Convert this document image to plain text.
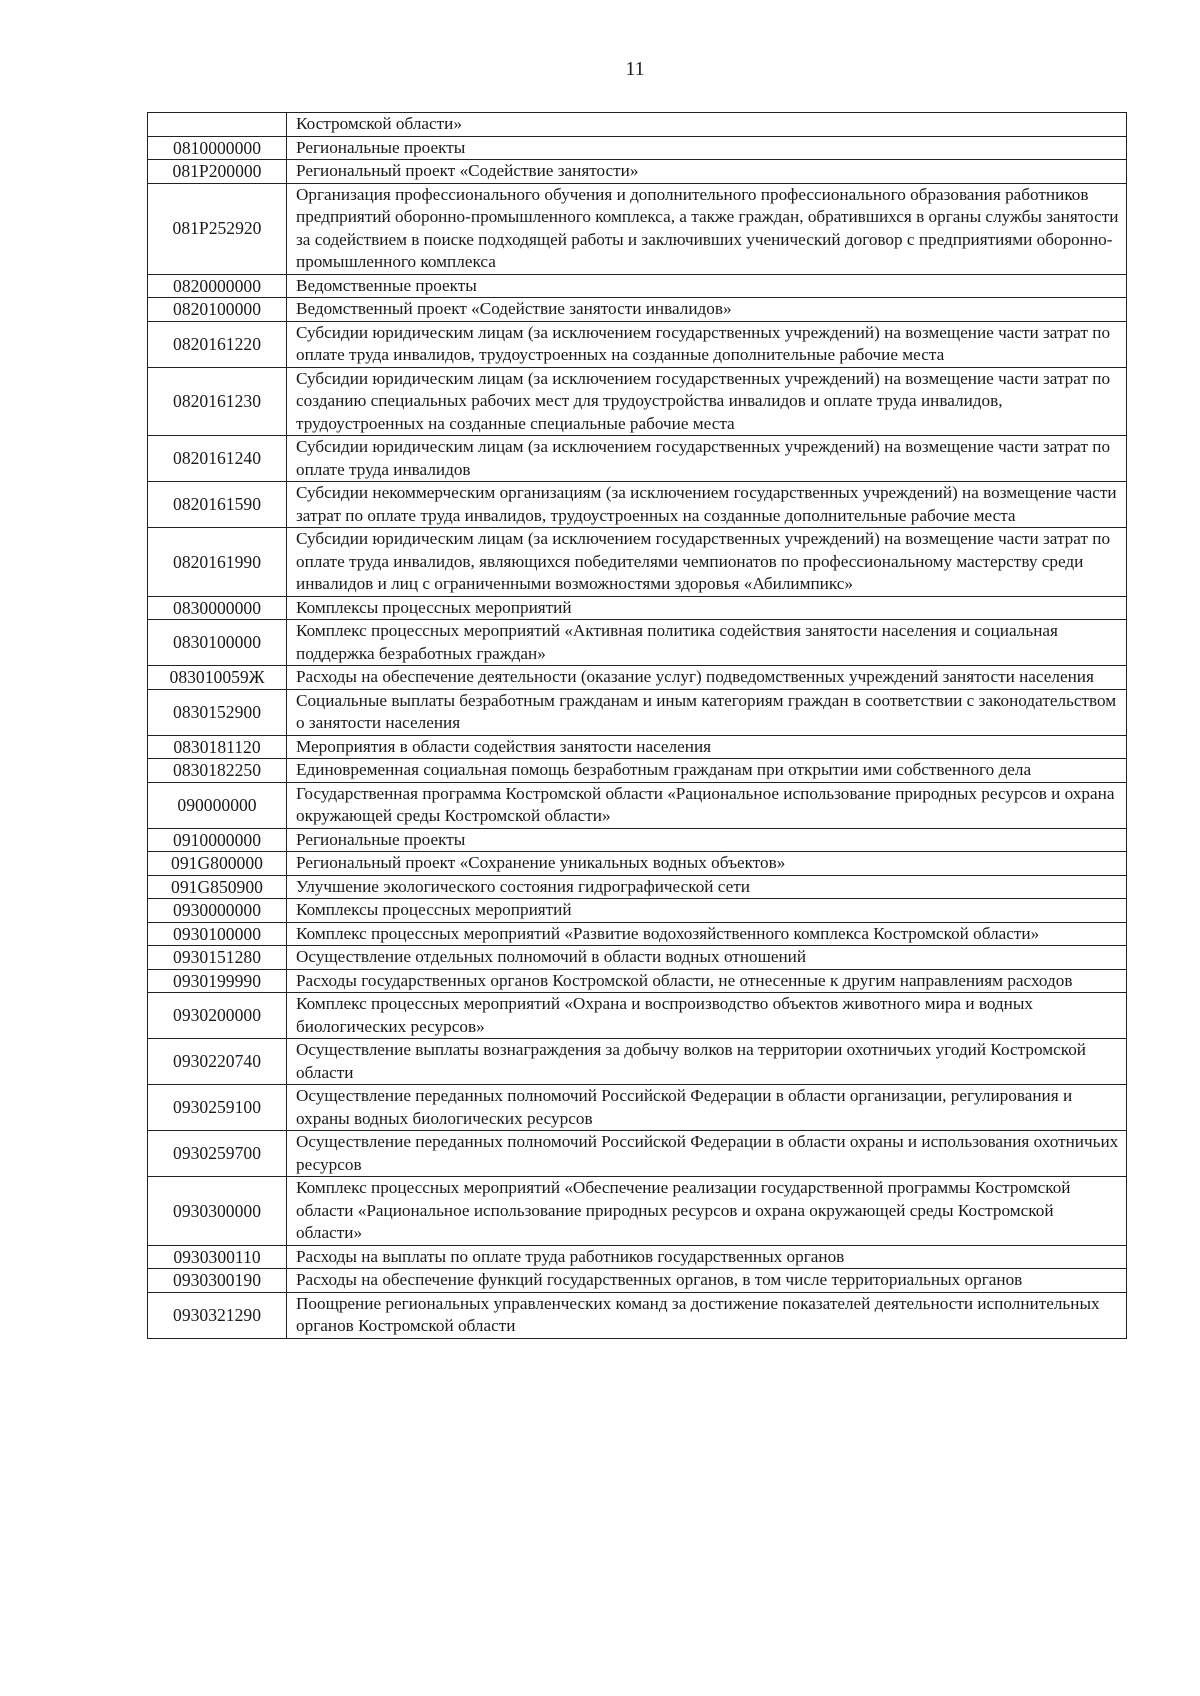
11
	Костромской области»
0810000000	Региональные проекты
081P200000	Региональный проект «Содействие занятости»
081P252920	Организация профессионального обучения и дополнительного профессионального образования работников предприятий оборонно-промышленного комплекса, а также граждан, обратившихся в органы службы занятости за содействием в поиске подходящей работы и заключивших ученический договор с предприятиями оборонно-промышленного комплекса
0820000000	Ведомственные проекты
0820100000	Ведомственный проект «Содействие занятости инвалидов»
0820161220	Субсидии юридическим лицам (за исключением государственных учреждений) на возмещение части затрат по оплате труда инвалидов, трудоустроенных на созданные дополнительные рабочие места
0820161230	Субсидии юридическим лицам (за исключением государственных учреждений) на возмещение части затрат по созданию специальных рабочих мест для трудоустройства инвалидов и оплате труда инвалидов, трудоустроенных на созданные специальные рабочие места
0820161240	Субсидии юридическим лицам (за исключением государственных учреждений) на возмещение части затрат по оплате труда инвалидов
0820161590	Субсидии некоммерческим организациям (за исключением государственных учреждений) на возмещение части затрат по оплате труда инвалидов, трудоустроенных на созданные дополнительные рабочие места
0820161990	Субсидии юридическим лицам (за исключением государственных учреждений) на возмещение части затрат по оплате труда инвалидов, являющихся победителями чемпионатов по профессиональному мастерству среди инвалидов и лиц с ограниченными возможностями здоровья «Абилимпикс»
0830000000	Комплексы процессных мероприятий
0830100000	Комплекс процессных мероприятий «Активная политика содействия занятости населения и социальная поддержка безработных граждан»
083010059Ж	Расходы на обеспечение деятельности (оказание услуг) подведомственных учреждений занятости населения
0830152900	Социальные выплаты безработным гражданам и иным категориям граждан в соответствии с законодательством о занятости населения
0830181120	Мероприятия в области содействия занятости населения
0830182250	Единовременная социальная помощь безработным гражданам при открытии ими собственного дела
090000000	Государственная программа Костромской области «Рациональное использование природных ресурсов и охрана окружающей среды Костромской области»
0910000000	Региональные проекты
091G800000	Региональный проект «Сохранение уникальных водных объектов»
091G850900	Улучшение экологического состояния гидрографической сети
0930000000	Комплексы процессных мероприятий
0930100000	Комплекс процессных мероприятий «Развитие водохозяйственного комплекса Костромской области»
0930151280	Осуществление отдельных полномочий в области водных отношений
0930199990	Расходы государственных органов Костромской области, не отнесенные к другим направлениям расходов
0930200000	Комплекс процессных мероприятий «Охрана и воспроизводство объектов животного мира и водных биологических ресурсов»
0930220740	Осуществление выплаты вознаграждения за добычу волков на территории охотничьих угодий Костромской области
0930259100	Осуществление переданных полномочий Российской Федерации в области организации, регулирования и охраны водных биологических ресурсов
0930259700	Осуществление переданных полномочий Российской Федерации в области охраны и использования охотничьих ресурсов
0930300000	Комплекс процессных мероприятий «Обеспечение реализации государственной программы Костромской области «Рациональное использование природных ресурсов и охрана окружающей среды Костромской области»
0930300110	Расходы на выплаты по оплате труда работников государственных органов
0930300190	Расходы на обеспечение функций государственных органов, в том числе территориальных органов
0930321290	Поощрение региональных управленческих команд за достижение показателей деятельности исполнительных органов Костромской области
